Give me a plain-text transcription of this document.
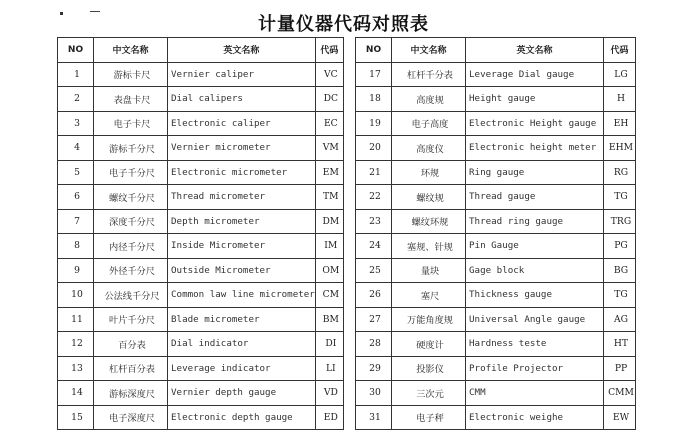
计量仪器代码对照表
NO	中文名称	英文名称	代码
1	游标卡尺	Vernier caliper	VC
2	表盘卡尺	Dial calipers	DC
3	电子卡尺	Electronic caliper	EC
4	游标千分尺	Vernier micrometer	VM
5	电子千分尺	Electronic micrometer	EM
6	螺纹千分尺	Thread micrometer	TM
7	深度千分尺	Depth micrometer	DM
8	内径千分尺	Inside Micrometer	IM
9	外径千分尺	Outside Micrometer	OM
10	公法线千分尺	Common law line micrometer	CM
11	叶片千分尺	Blade micrometer	BM
12	百分表	Dial indicator	DI
13	杠杆百分表	Leverage indicator	LI
14	游标深度尺	Vernier depth gauge	VD
15	电子深度尺	Electronic depth gauge	ED
NO	中文名称	英文名称	代码
17	杠杆千分表	Leverage Dial gauge	LG
18	高度规	Height gauge	H
19	电子高度	Electronic Height gauge	EH
20	高度仪	Electronic height meter	EHM
21	环规	Ring gauge	RG
22	螺纹规	Thread gauge	TG
23	螺纹环规	Thread ring gauge	TRG
24	塞规、针规	Pin Gauge	PG
25	量块	Gage block	BG
26	塞尺	Thickness gauge	TG
27	万能角度规	Universal Angle gauge	AG
28	硬度计	Hardness teste	HT
29	投影仪	Profile Projector	PP
30	三次元	CMM	CMM
31	电子秤	Electronic weighe	EW
